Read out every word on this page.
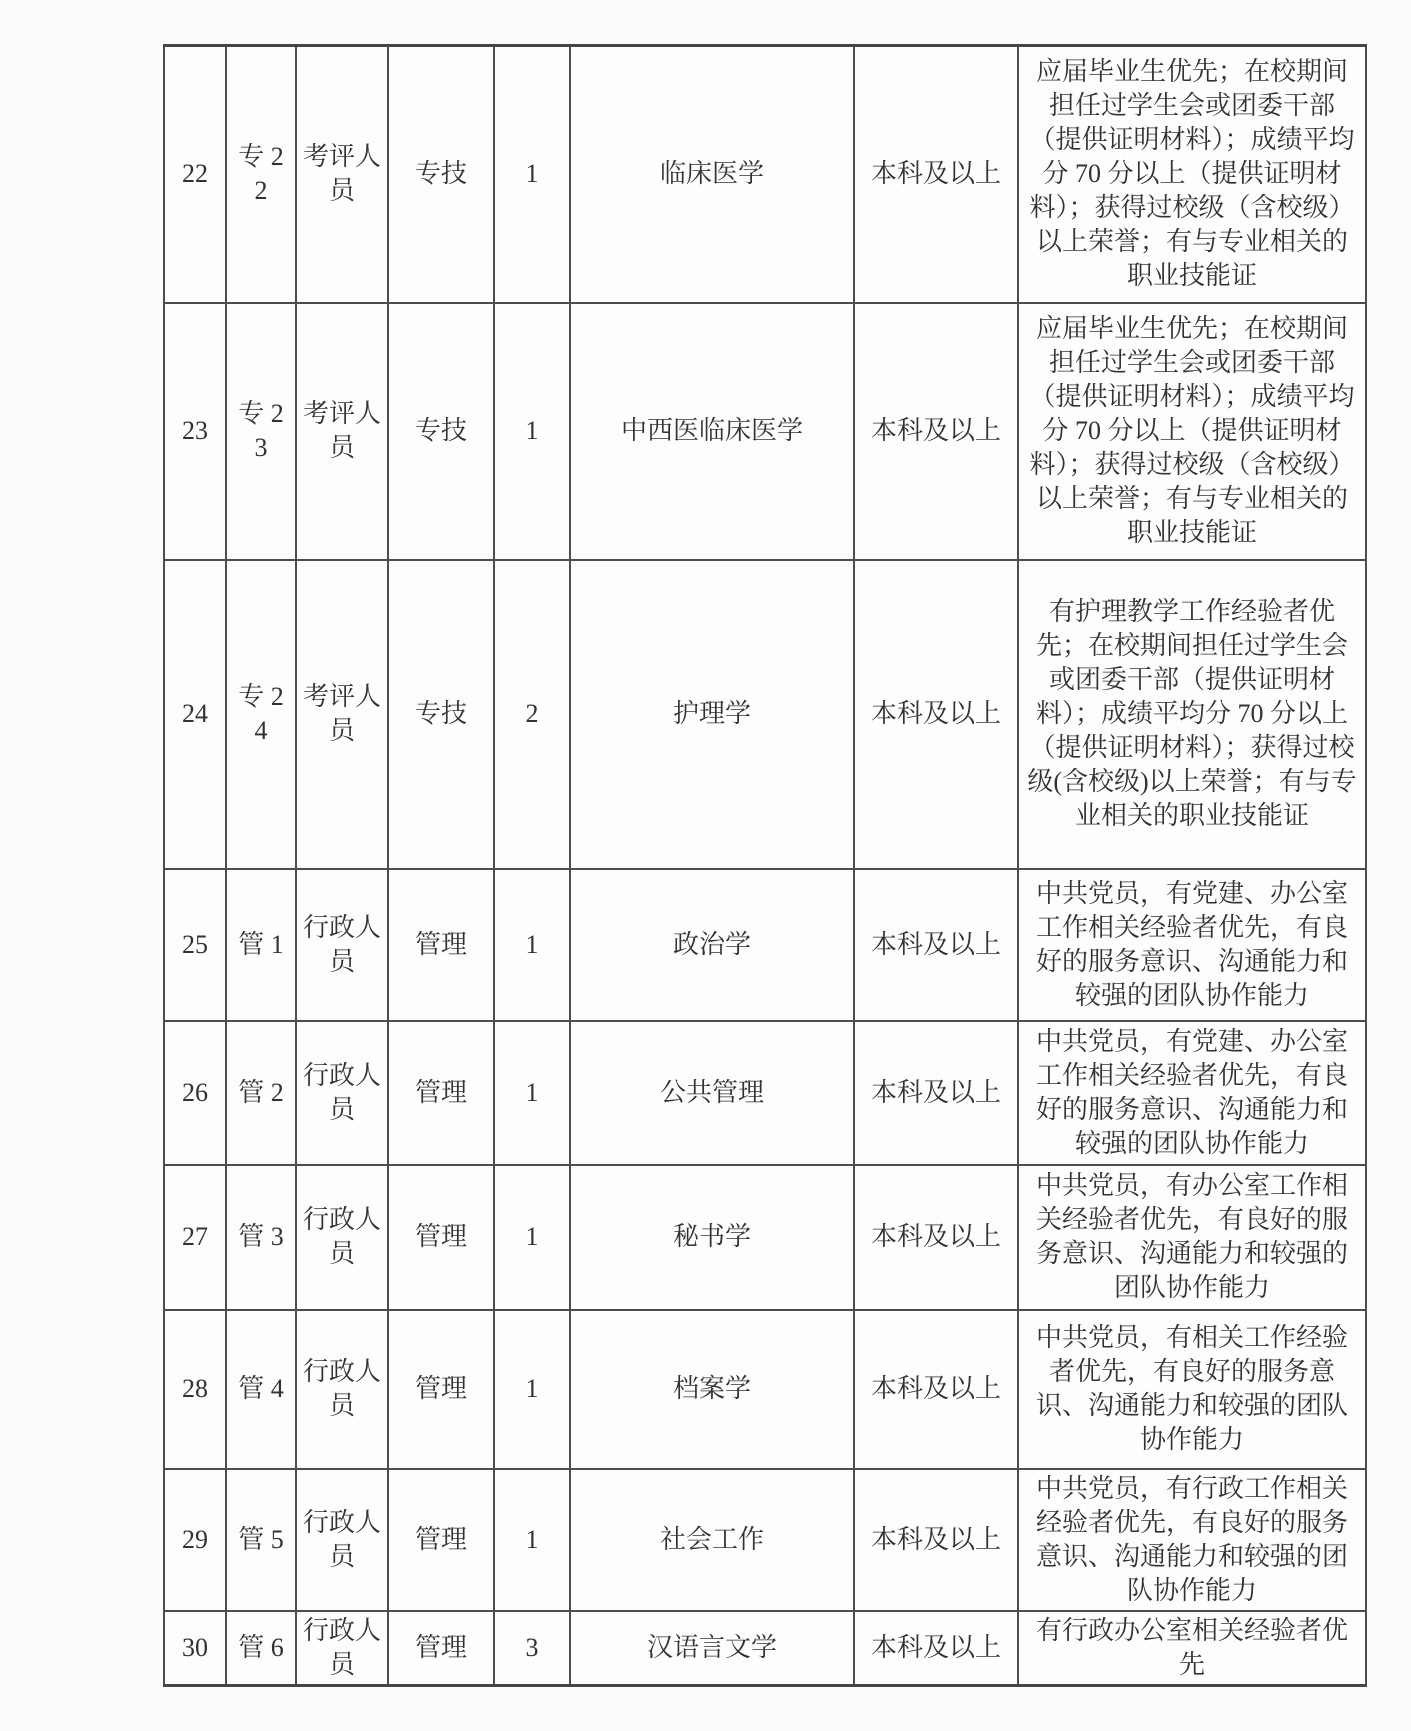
22	专 22	考评人员	专技	1	临床医学	本科及以上	应届毕业生优先；在校期间担任过学生会或团委干部（提供证明材料）；成绩平均分 70 分以上（提供证明材料）；获得过校级（含校级）以上荣誉；有与专业相关的职业技能证
23	专 23	考评人员	专技	1	中西医临床医学	本科及以上	应届毕业生优先；在校期间担任过学生会或团委干部（提供证明材料）；成绩平均分 70 分以上（提供证明材料）；获得过校级（含校级）以上荣誉；有与专业相关的职业技能证
24	专 24	考评人员	专技	2	护理学	本科及以上	有护理教学工作经验者优先；在校期间担任过学生会或团委干部（提供证明材料）；成绩平均分 70 分以上（提供证明材料）；获得过校级(含校级)以上荣誉；有与专业相关的职业技能证
25	管 1	行政人员	管理	1	政治学	本科及以上	中共党员，有党建、办公室工作相关经验者优先，有良好的服务意识、沟通能力和较强的团队协作能力
26	管 2	行政人员	管理	1	公共管理	本科及以上	中共党员，有党建、办公室工作相关经验者优先，有良好的服务意识、沟通能力和较强的团队协作能力
27	管 3	行政人员	管理	1	秘书学	本科及以上	中共党员，有办公室工作相关经验者优先，有良好的服务意识、沟通能力和较强的团队协作能力
28	管 4	行政人员	管理	1	档案学	本科及以上	中共党员，有相关工作经验者优先，有良好的服务意识、沟通能力和较强的团队协作能力
29	管 5	行政人员	管理	1	社会工作	本科及以上	中共党员，有行政工作相关经验者优先，有良好的服务意识、沟通能力和较强的团队协作能力
30	管 6	行政人员	管理	3	汉语言文学	本科及以上	有行政办公室相关经验者优先
